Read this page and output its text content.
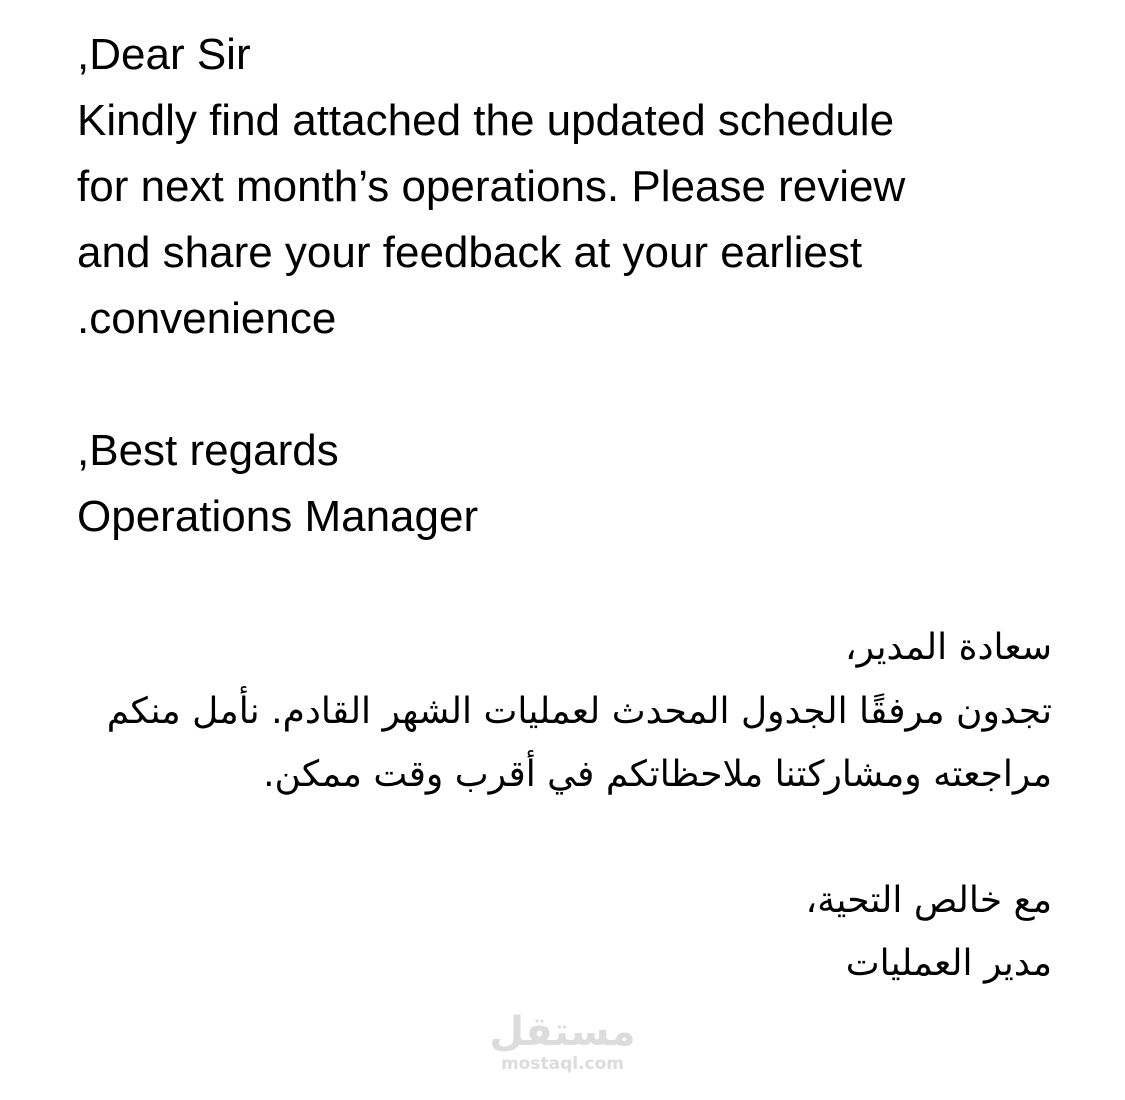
Dear Sir,
Kindly find attached the updated schedule
for next month’s operations. Please review
and share your feedback at your earliest
convenience.
Best regards,
Operations Manager
سعادة المدير،
تجدون مرفقًا الجدول المحدث لعمليات الشهر القادم. نأمل منكم
مراجعته ومشاركتنا ملاحظاتكم في أقرب وقت ممكن.
مع خالص التحية،
مدير العمليات
مستقل
mostaql.com
